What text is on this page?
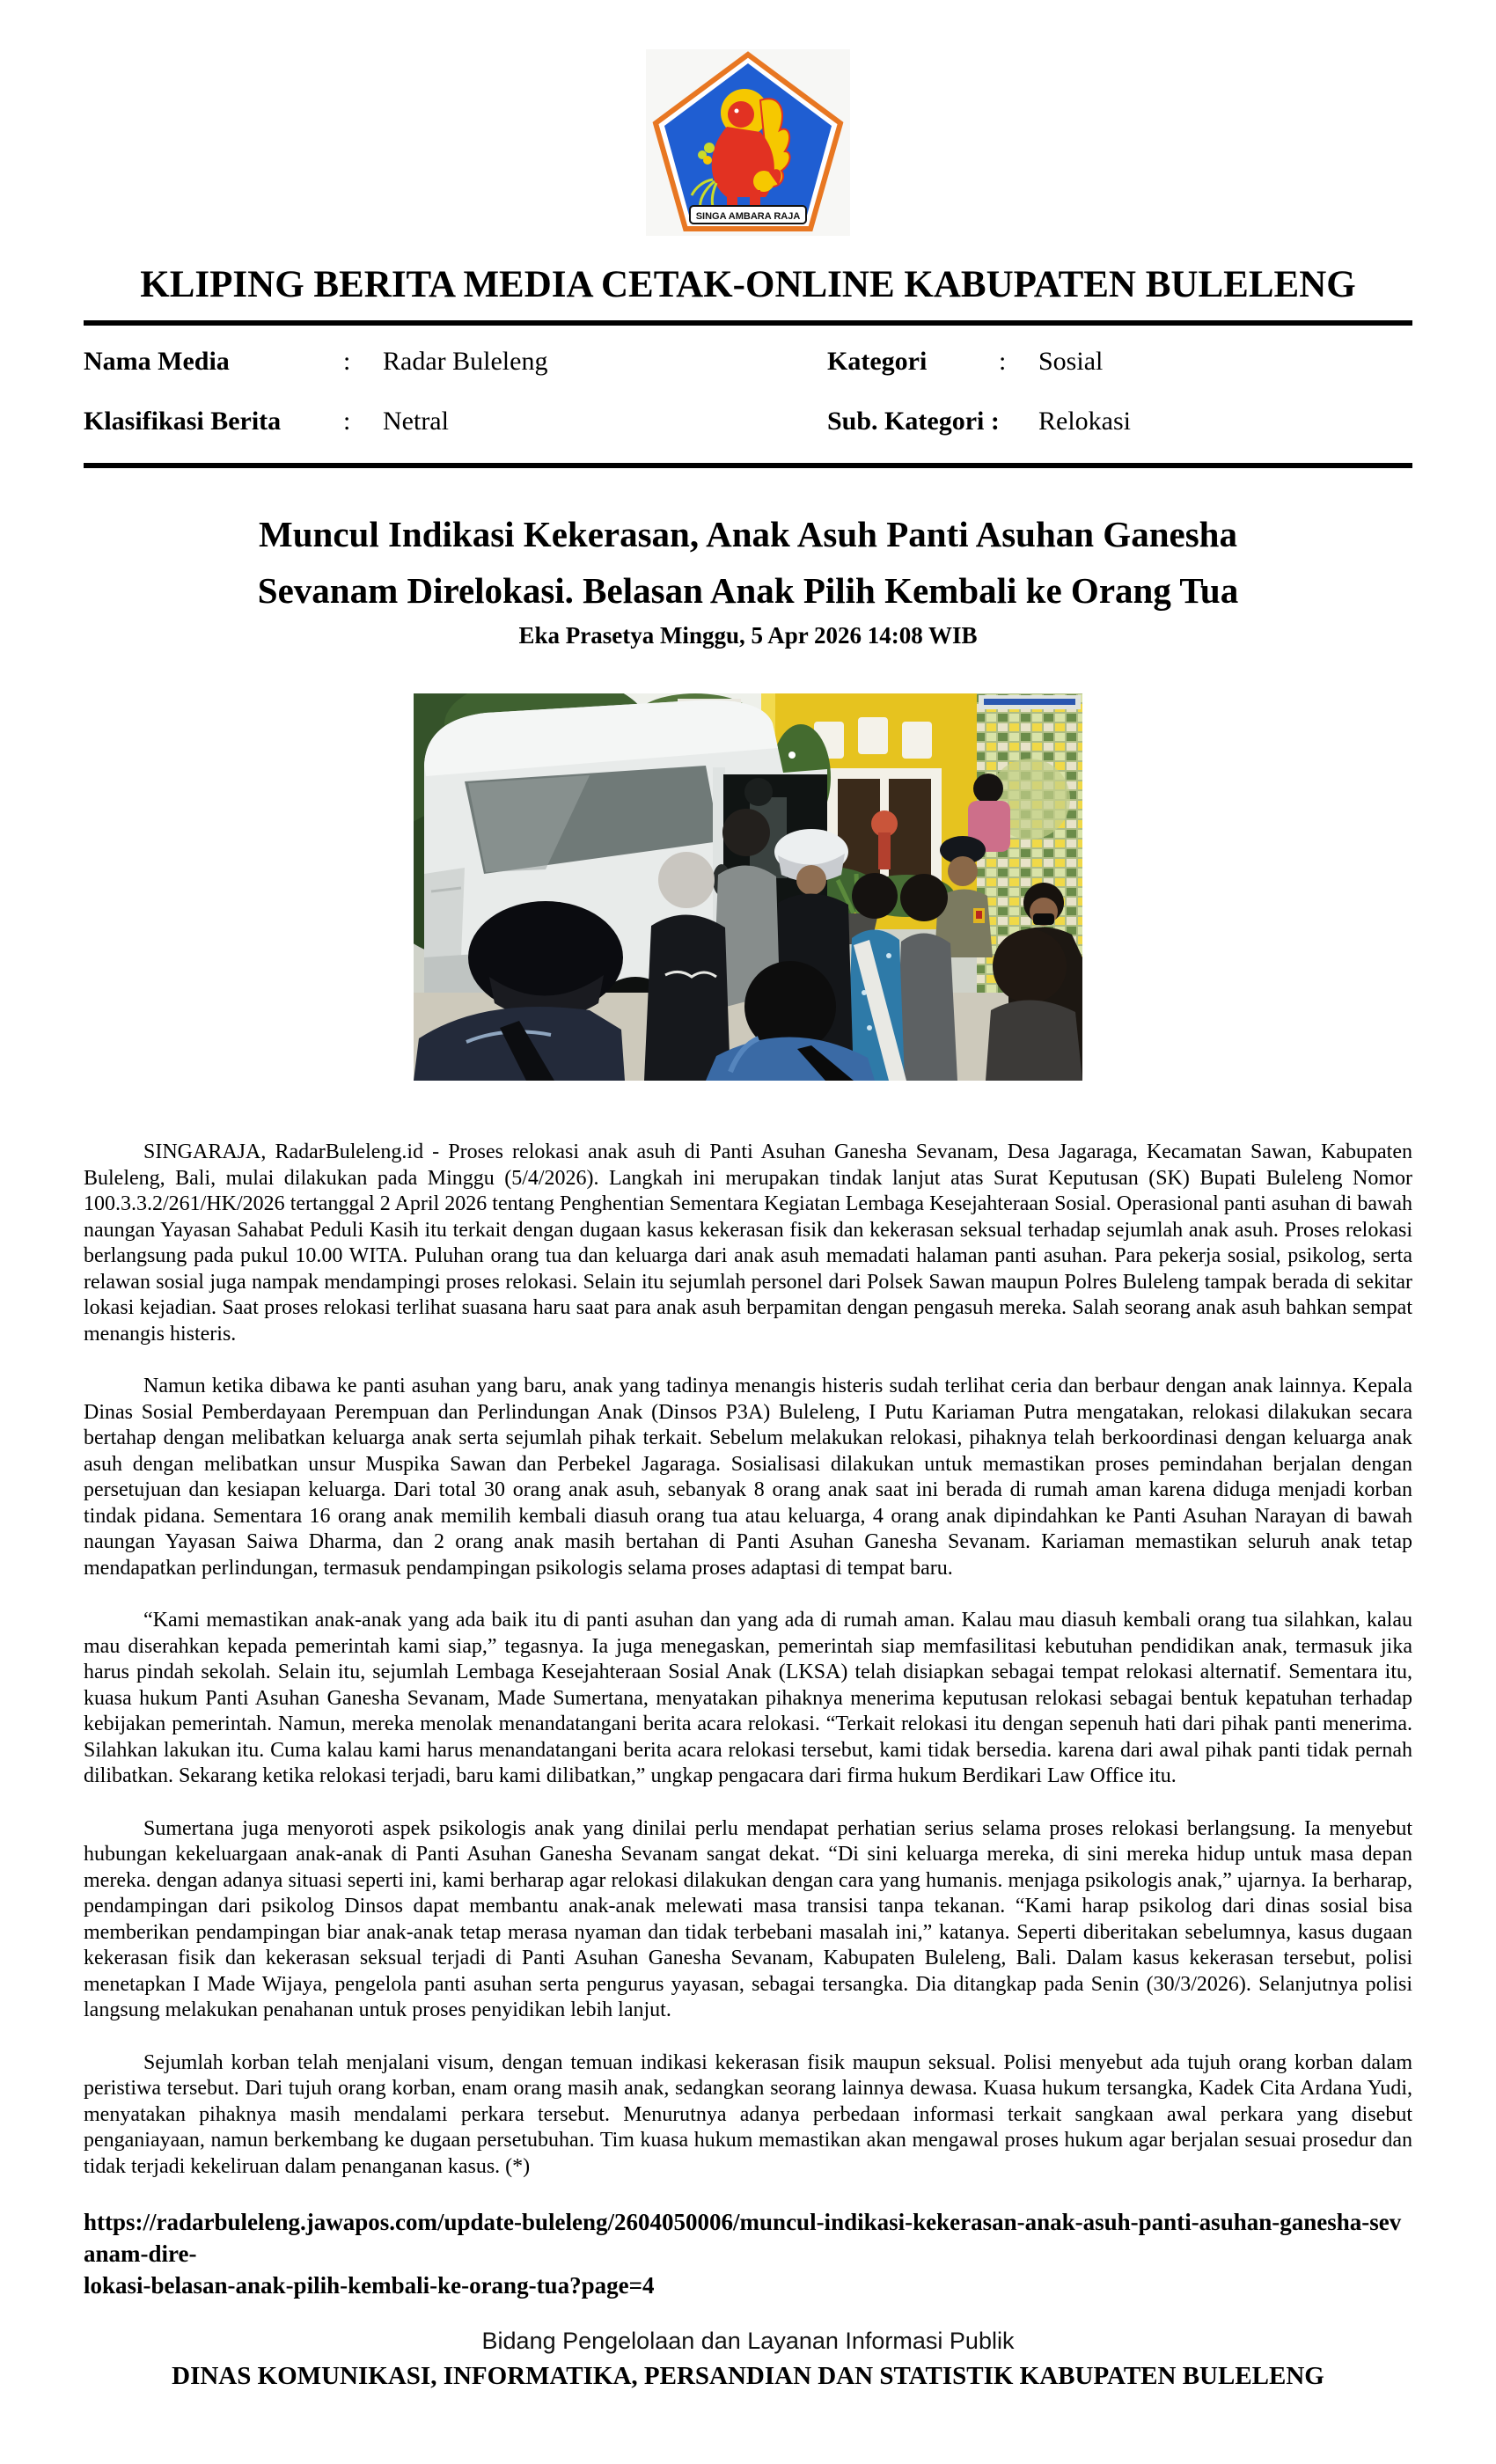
SINGA AMBARA RAJA
KLIPING BERITA MEDIA CETAK-ONLINE KABUPATEN BULELENG
Nama Media	:	Radar Buleleng	Kategori	:	Sosial
Klasifikasi Berita	:	Netral	Sub. Kategori :	Relokasi
Muncul Indikasi Kekerasan, Anak Asuh Panti Asuhan Ganesha
Sevanam Direlokasi. Belasan Anak Pilih Kembali ke Orang Tua
Eka Prasetya Minggu, 5 Apr 2026 14:08 WIB

SINGARAJA, RadarBuleleng.id - Proses relokasi anak asuh di Panti Asuhan Ganesha Sevanam, Desa Jagaraga, Kecamatan Sawan, Kabupaten Buleleng, Bali, mulai dilakukan pada Minggu (5/4/2026). Langkah ini merupakan tindak lanjut atas Surat Keputusan (SK) Bupati Buleleng Nomor 100.3.3.2/261/HK/2026 tertanggal 2 April 2026 tentang Penghentian Sementara Kegiatan Lembaga Kesejahteraan Sosial. Operasional panti asuhan di bawah naungan Yayasan Sahabat Peduli Kasih itu terkait dengan dugaan kasus kekerasan fisik dan kekerasan seksual terhadap sejumlah anak asuh. Proses relokasi berlangsung pada pukul 10.00 WITA. Puluhan orang tua dan keluarga dari anak asuh memadati halaman panti asuhan. Para pekerja sosial, psikolog, serta relawan sosial juga nampak mendampingi proses relokasi. Selain itu sejumlah personel dari Polsek Sawan maupun Polres Buleleng tampak berada di sekitar lokasi kejadian. Saat proses relokasi terlihat suasana haru saat para anak asuh berpamitan dengan pengasuh mereka. Salah seorang anak asuh bahkan sempat menangis histeris.

Namun ketika dibawa ke panti asuhan yang baru, anak yang tadinya menangis histeris sudah terlihat ceria dan berbaur dengan anak lainnya. Kepala Dinas Sosial Pemberdayaan Perempuan dan Perlindungan Anak (Dinsos P3A) Buleleng, I Putu Kariaman Putra mengatakan, relokasi dilakukan secara bertahap dengan melibatkan keluarga anak serta sejumlah pihak terkait. Sebelum melakukan relokasi, pihaknya telah berkoordinasi dengan keluarga anak asuh dengan melibatkan unsur Muspika Sawan dan Perbekel Jagaraga. Sosialisasi dilakukan untuk memastikan proses pemindahan berjalan dengan persetujuan dan kesiapan keluarga. Dari total 30 orang anak asuh, sebanyak 8 orang anak saat ini berada di rumah aman karena diduga menjadi korban tindak pidana. Sementara 16 orang anak memilih kembali diasuh orang tua atau keluarga, 4 orang anak dipindahkan ke Panti Asuhan Narayan di bawah naungan Yayasan Saiwa Dharma, dan 2 orang anak masih bertahan di Panti Asuhan Ganesha Sevanam. Kariaman memastikan seluruh anak tetap mendapatkan perlindungan, termasuk pendampingan psikologis selama proses adaptasi di tempat baru.

“Kami memastikan anak-anak yang ada baik itu di panti asuhan dan yang ada di rumah aman. Kalau mau diasuh kembali orang tua silahkan, kalau mau diserahkan kepada pemerintah kami siap,” tegasnya. Ia juga menegaskan, pemerintah siap memfasilitasi kebutuhan pendidikan anak, termasuk jika harus pindah sekolah. Selain itu, sejumlah Lembaga Kesejahteraan Sosial Anak (LKSA) telah disiapkan sebagai tempat relokasi alternatif. Sementara itu, kuasa hukum Panti Asuhan Ganesha Sevanam, Made Sumertana, menyatakan pihaknya menerima keputusan relokasi sebagai bentuk kepatuhan terhadap kebijakan pemerintah. Namun, mereka menolak menandatangani berita acara relokasi. “Terkait relokasi itu dengan sepenuh hati dari pihak panti menerima. Silahkan lakukan itu. Cuma kalau kami harus menandatangani berita acara relokasi tersebut, kami tidak bersedia. karena dari awal pihak panti tidak pernah dilibatkan. Sekarang ketika relokasi terjadi, baru kami dilibatkan,” ungkap pengacara dari firma hukum Berdikari Law Office itu.

Sumertana juga menyoroti aspek psikologis anak yang dinilai perlu mendapat perhatian serius selama proses relokasi berlangsung. Ia menyebut hubungan kekeluargaan anak-anak di Panti Asuhan Ganesha Sevanam sangat dekat. “Di sini keluarga mereka, di sini mereka hidup untuk masa depan mereka. dengan adanya situasi seperti ini, kami berharap agar relokasi dilakukan dengan cara yang humanis. menjaga psikologis anak,” ujarnya. Ia berharap, pendampingan dari psikolog Dinsos dapat membantu anak-anak melewati masa transisi tanpa tekanan. “Kami harap psikolog dari dinas sosial bisa memberikan pendampingan biar anak-anak tetap merasa nyaman dan tidak terbebani masalah ini,” katanya. Seperti diberitakan sebelumnya, kasus dugaan kekerasan fisik dan kekerasan seksual terjadi di Panti Asuhan Ganesha Sevanam, Kabupaten Buleleng, Bali. Dalam kasus kekerasan tersebut, polisi menetapkan I Made Wijaya, pengelola panti asuhan serta pengurus yayasan, sebagai tersangka. Dia ditangkap pada Senin (30/3/2026). Selanjutnya polisi langsung melakukan penahanan untuk proses penyidikan lebih lanjut.

Sejumlah korban telah menjalani visum, dengan temuan indikasi kekerasan fisik maupun seksual. Polisi menyebut ada tujuh orang korban dalam peristiwa tersebut. Dari tujuh orang korban, enam orang masih anak, sedangkan seorang lainnya dewasa. Kuasa hukum tersangka, Kadek Cita Ardana Yudi, menyatakan pihaknya masih mendalami perkara tersebut. Menurutnya adanya perbedaan informasi terkait sangkaan awal perkara yang disebut penganiayaan, namun berkembang ke dugaan persetubuhan. Tim kuasa hukum memastikan akan mengawal proses hukum agar berjalan sesuai prosedur dan tidak terjadi kekeliruan dalam penanganan kasus. (*)

https://radarbuleleng.jawapos.com/update-buleleng/2604050006/muncul-indikasi-kekerasan-anak-asuh-panti-asuhan-ganesha-sevanam-dire-
lokasi-belasan-anak-pilih-kembali-ke-orang-tua?page=4
Bidang Pengelolaan dan Layanan Informasi Publik
DINAS KOMUNIKASI, INFORMATIKA, PERSANDIAN DAN STATISTIK KABUPATEN BULELENG
